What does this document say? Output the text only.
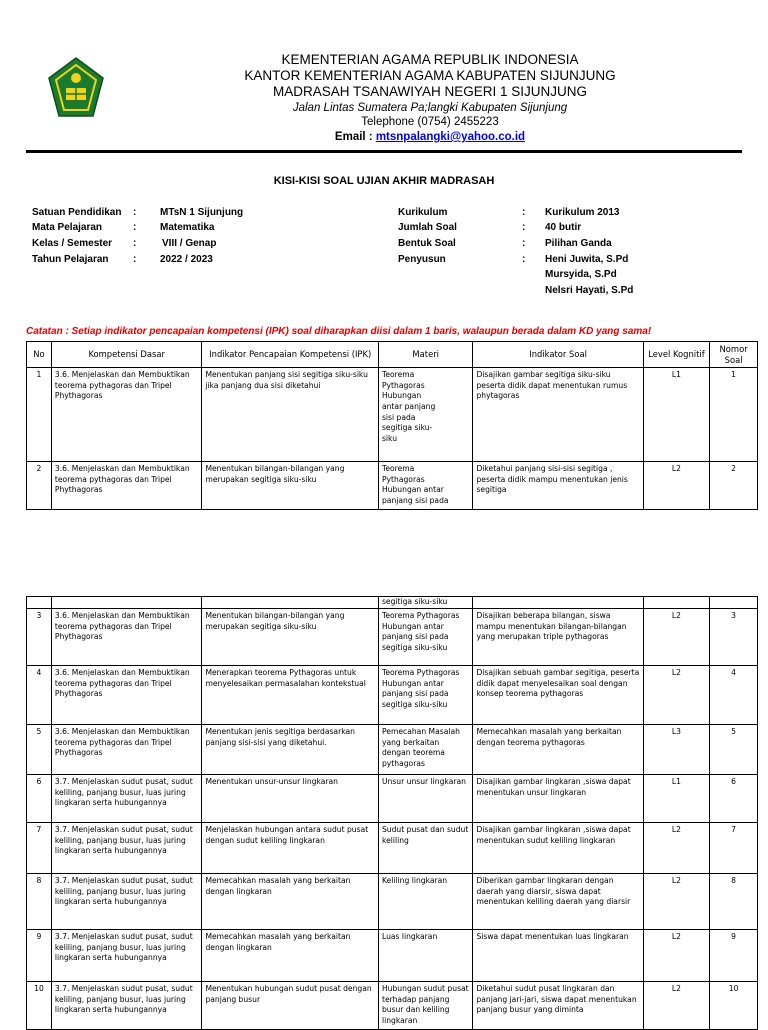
KEMENTERIAN AGAMA REPUBLIK INDONESIA
KANTOR KEMENTERIAN AGAMA KABUPATEN SIJUNJUNG
MADRASAH TSANAWIYAH NEGERI 1 SIJUNJUNG
Jalan Lintas Sumatera Pa;langki Kabupaten Sijunjung
Telephone (0754) 2455223
Email : mtsnpalangki@yahoo.co.id
KISI-KISI SOAL UJIAN AKHIR MADRASAH
Satuan Pendidikan : MTsN 1 Sijunjung
Mata Pelajaran	: Matematika
Kelas / Semester :	VIII / Genap
Tahun Pelajaran : 2022 / 2023
Kurikulum	: Kurikulum 2013
Jumlah Soal	: 40 butir
Bentuk Soal	: Pilihan Ganda
Penyusun	: Heni Juwita, S.Pd
Mursyida, S.Pd
Nelsri Hayati, S.Pd
Catatan : Setiap indikator pencapaian kompetensi (IPK) soal diharapkan diisi dalam 1 baris, walaupun berada dalam KD yang sama!
No	Kompetensi Dasar	Indikator Pencapaian Kompetensi (IPK)	Materi	Indikator Soal	Level Kognitif	Nomor Soal
1	3.6. Menjelaskan dan Membuktikan teorema pythagoras dan Tripel Phythagoras	Menentukan panjang sisi segitiga siku-siku jika panjang dua sisi diketahui	Teorema Pythagoras Hubungan antar panjang sisi pada segitiga siku-siku	Disajikan gambar segitiga siku-siku peserta didik dapat menentukan rumus phytagoras	L1	1
2	3.6. Menjelaskan dan Membuktikan teorema pythagoras dan Tripel Phythagoras	Menentukan bilangan-bilangan yang merupakan segitiga siku-siku	Teorema Pythagoras Hubungan antar panjang sisi pada	Diketahui panjang sisi-sisi segitiga , peserta didik mampu menentukan jenis segitiga	L2	2
			segitiga siku-siku			
3	3.6. Menjelaskan dan Membuktikan teorema pythagoras dan Tripel Phythagoras	Menentukan bilangan-bilangan yang merupakan segitiga siku-siku	Teorema Pythagoras Hubungan antar panjang sisi pada segitiga siku-siku	Disajikan beberapa bilangan, siswa mampu menentukan bilangan-bilangan yang merupakan triple pythagoras	L2	3
4	3.6. Menjelaskan dan Membuktikan teorema pythagoras dan Tripel Phythagoras	Menerapkan teorema Pythagoras untuk menyelesaikan permasalahan kontekstual	Teorema Pythagoras Hubungan antar panjang sisi pada segitiga siku-siku	Disajikan sebuah gambar segitiga, peserta didik dapat menyelesaikan soal dengan konsep teorema pythagoras	L2	4
5	3.6. Menjelaskan dan Membuktikan teorema pythagoras dan Tripel Phythagoras	Menentukan jenis segitiga berdasarkan panjang sisi-sisi yang diketahui.	Pemecahan Masalah yang berkaitan dengan teorema pythagoras	Memecahkan masalah yang berkaitan dengan teorema pythagoras	L3	5
6	3.7. Menjelaskan sudut pusat, sudut keliling, panjang busur, luas juring lingkaran serta hubungannya	Menentukan unsur-unsur lingkaran	Unsur unsur lingkaran	Disajikan gambar lingkaran ,siswa dapat menentukan unsur lingkaran	L1	6
7	3.7. Menjelaskan sudut pusat, sudut keliling, panjang busur, luas juring lingkaran serta hubungannya	Menjelaskan hubungan antara sudut pusat dengan sudut keliling lingkaran	Sudut pusat dan sudut keliling	Disajikan gambar lingkaran ,siswa dapat menentukan sudut keliling lingkaran	L2	7
8	3.7. Menjelaskan sudut pusat, sudut keliling, panjang busur, luas juring lingkaran serta hubungannya	Memecahkan masalah yang berkaitan dengan lingkaran	Keliling lingkaran	Diberikan gambar lingkaran dengan daerah yang diarsir, siswa dapat menentukan keliling daerah yang diarsir	L2	8
9	3.7. Menjelaskan sudut pusat, sudut keliling, panjang busur, luas juring lingkaran serta hubungannya	Memecahkan masalah yang berkaitan dengan lingkaran	Luas lingkaran	Siswa dapat menentukan luas lingkaran	L2	9
10	3.7. Menjelaskan sudut pusat, sudut keliling, panjang busur, luas juring lingkaran serta hubungannya	Menentukan hubungan sudut pusat dengan panjang busur	Hubungan sudut pusat terhadap panjang busur dan keliling lingkaran	Diketahui sudut pusat lingkaran dan panjang jari-jari, siswa dapat menentukan panjang busur yang diminta	L2	10
